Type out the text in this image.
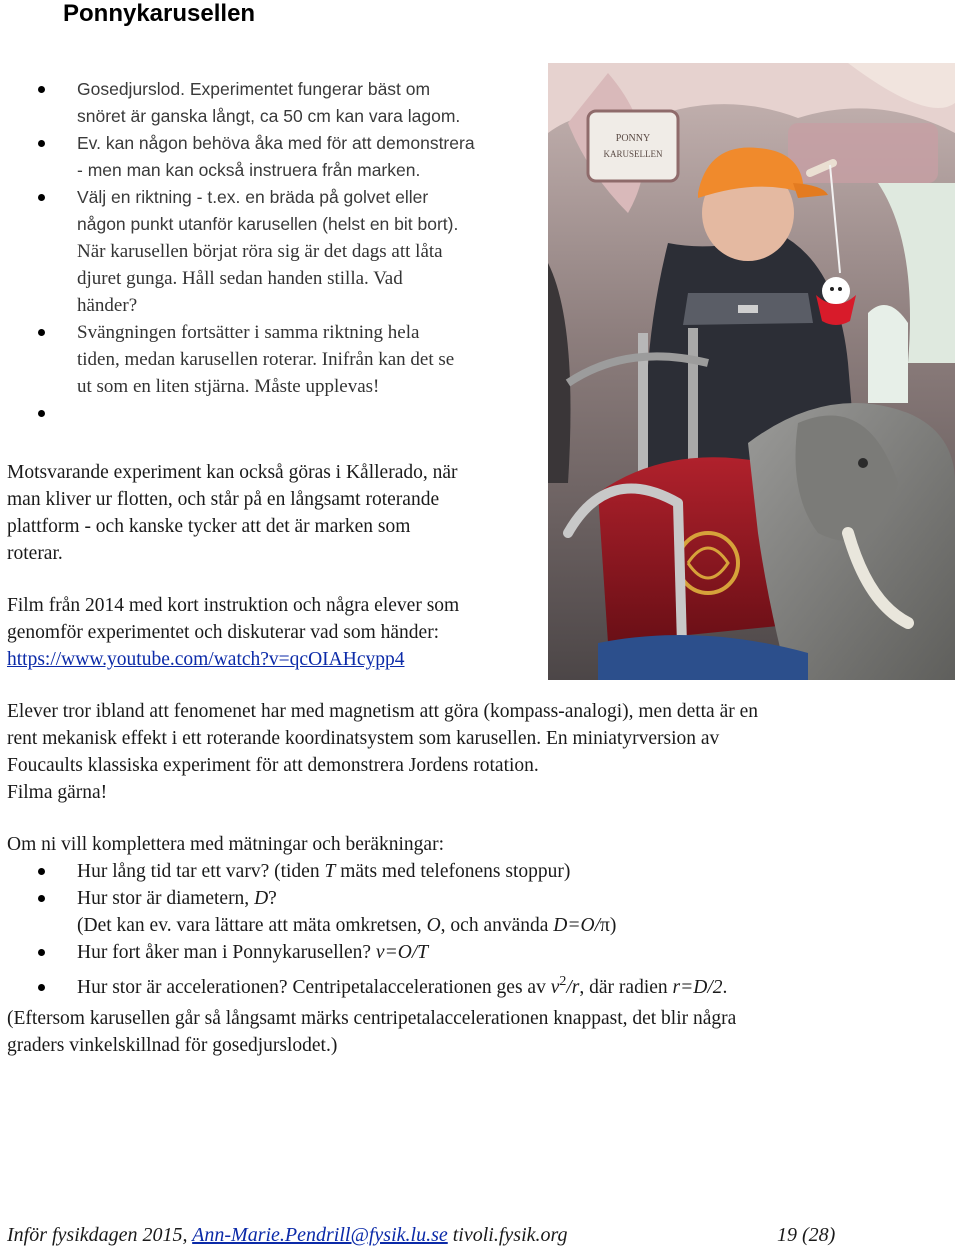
Ponnykarusellen
Gosedjurslod. Experimentet fungerar bäst om
snöret är ganska långt, ca 50 cm kan vara lagom.
Ev. kan någon behöva åka med för att demonstrera
- men man kan också instruera från marken.
Välj en riktning - t.ex. en bräda på golvet eller
någon punkt utanför karusellen (helst en bit bort).
När karusellen börjat röra sig är det dags att låta
djuret gunga. Håll sedan handen stilla. Vad
händer?
Svängningen fortsätter i samma riktning hela
tiden, medan karusellen roterar. Inifrån kan det se
ut som en liten stjärna. Måste upplevas!

PONNY
KARUSELLEN
Motsvarande experiment kan också göras i Kållerado, när
man kliver ur flotten, och står på en långsamt roterande
plattform - och kanske tycker att det är marken som
roterar.
Film från 2014 med kort instruktion och några elever som
genomför experimentet och diskuterar vad som händer:
https://www.youtube.com/watch?v=qcOIAHcypp4
Elever tror ibland att fenomenet har med magnetism att göra (kompass-analogi), men detta är en
rent mekanisk effekt i ett roterande koordinatsystem som karusellen. En miniatyrversion av
Foucaults klassiska experiment för att demonstrera Jordens rotation.
Filma gärna!
Om ni vill komplettera med mätningar och beräkningar:
Hur lång tid tar ett varv? (tiden T mäts med telefonens stoppur)
Hur stor är diametern, D?
(Det kan ev. vara lättare att mäta omkretsen, O, och använda D=O/π)
Hur fort åker man i Ponnykarusellen? v=O/T
Hur stor är accelerationen? Centripetalaccelerationen ges av $v^2/r$, där radien r=D/2.
(Eftersom karusellen går så långsamt märks centripetalaccelerationen knappast, det blir några
graders vinkelskillnad för gosedjurslodet.)
Inför fysikdagen 2015, Ann-Marie.Pendrill@fysik.lu.se tivoli.fysik.org	19 (28)
